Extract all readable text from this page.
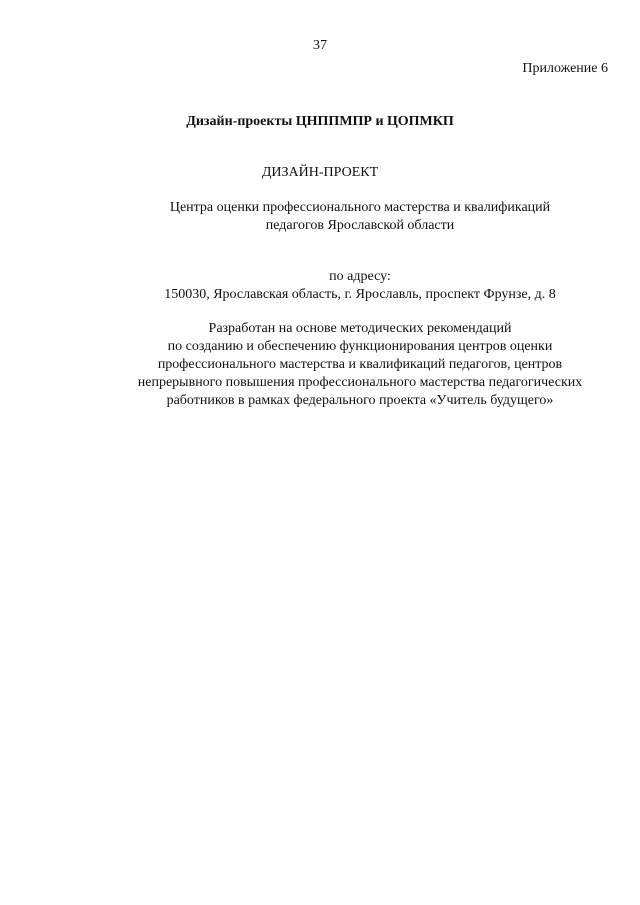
37
Приложение 6
Дизайн-проекты ЦНППМПР и ЦОПМКП
ДИЗАЙН-ПРОЕКТ
Центра оценки профессионального мастерства и квалификаций
педагогов Ярославской области
по адресу:
150030, Ярославская область, г. Ярославль, проспект Фрунзе, д. 8
Разработан на основе методических рекомендаций
по созданию и обеспечению функционирования центров оценки
профессионального мастерства и квалификаций педагогов, центров
непрерывного повышения профессионального мастерства педагогических
работников в рамках федерального проекта «Учитель будущего»
